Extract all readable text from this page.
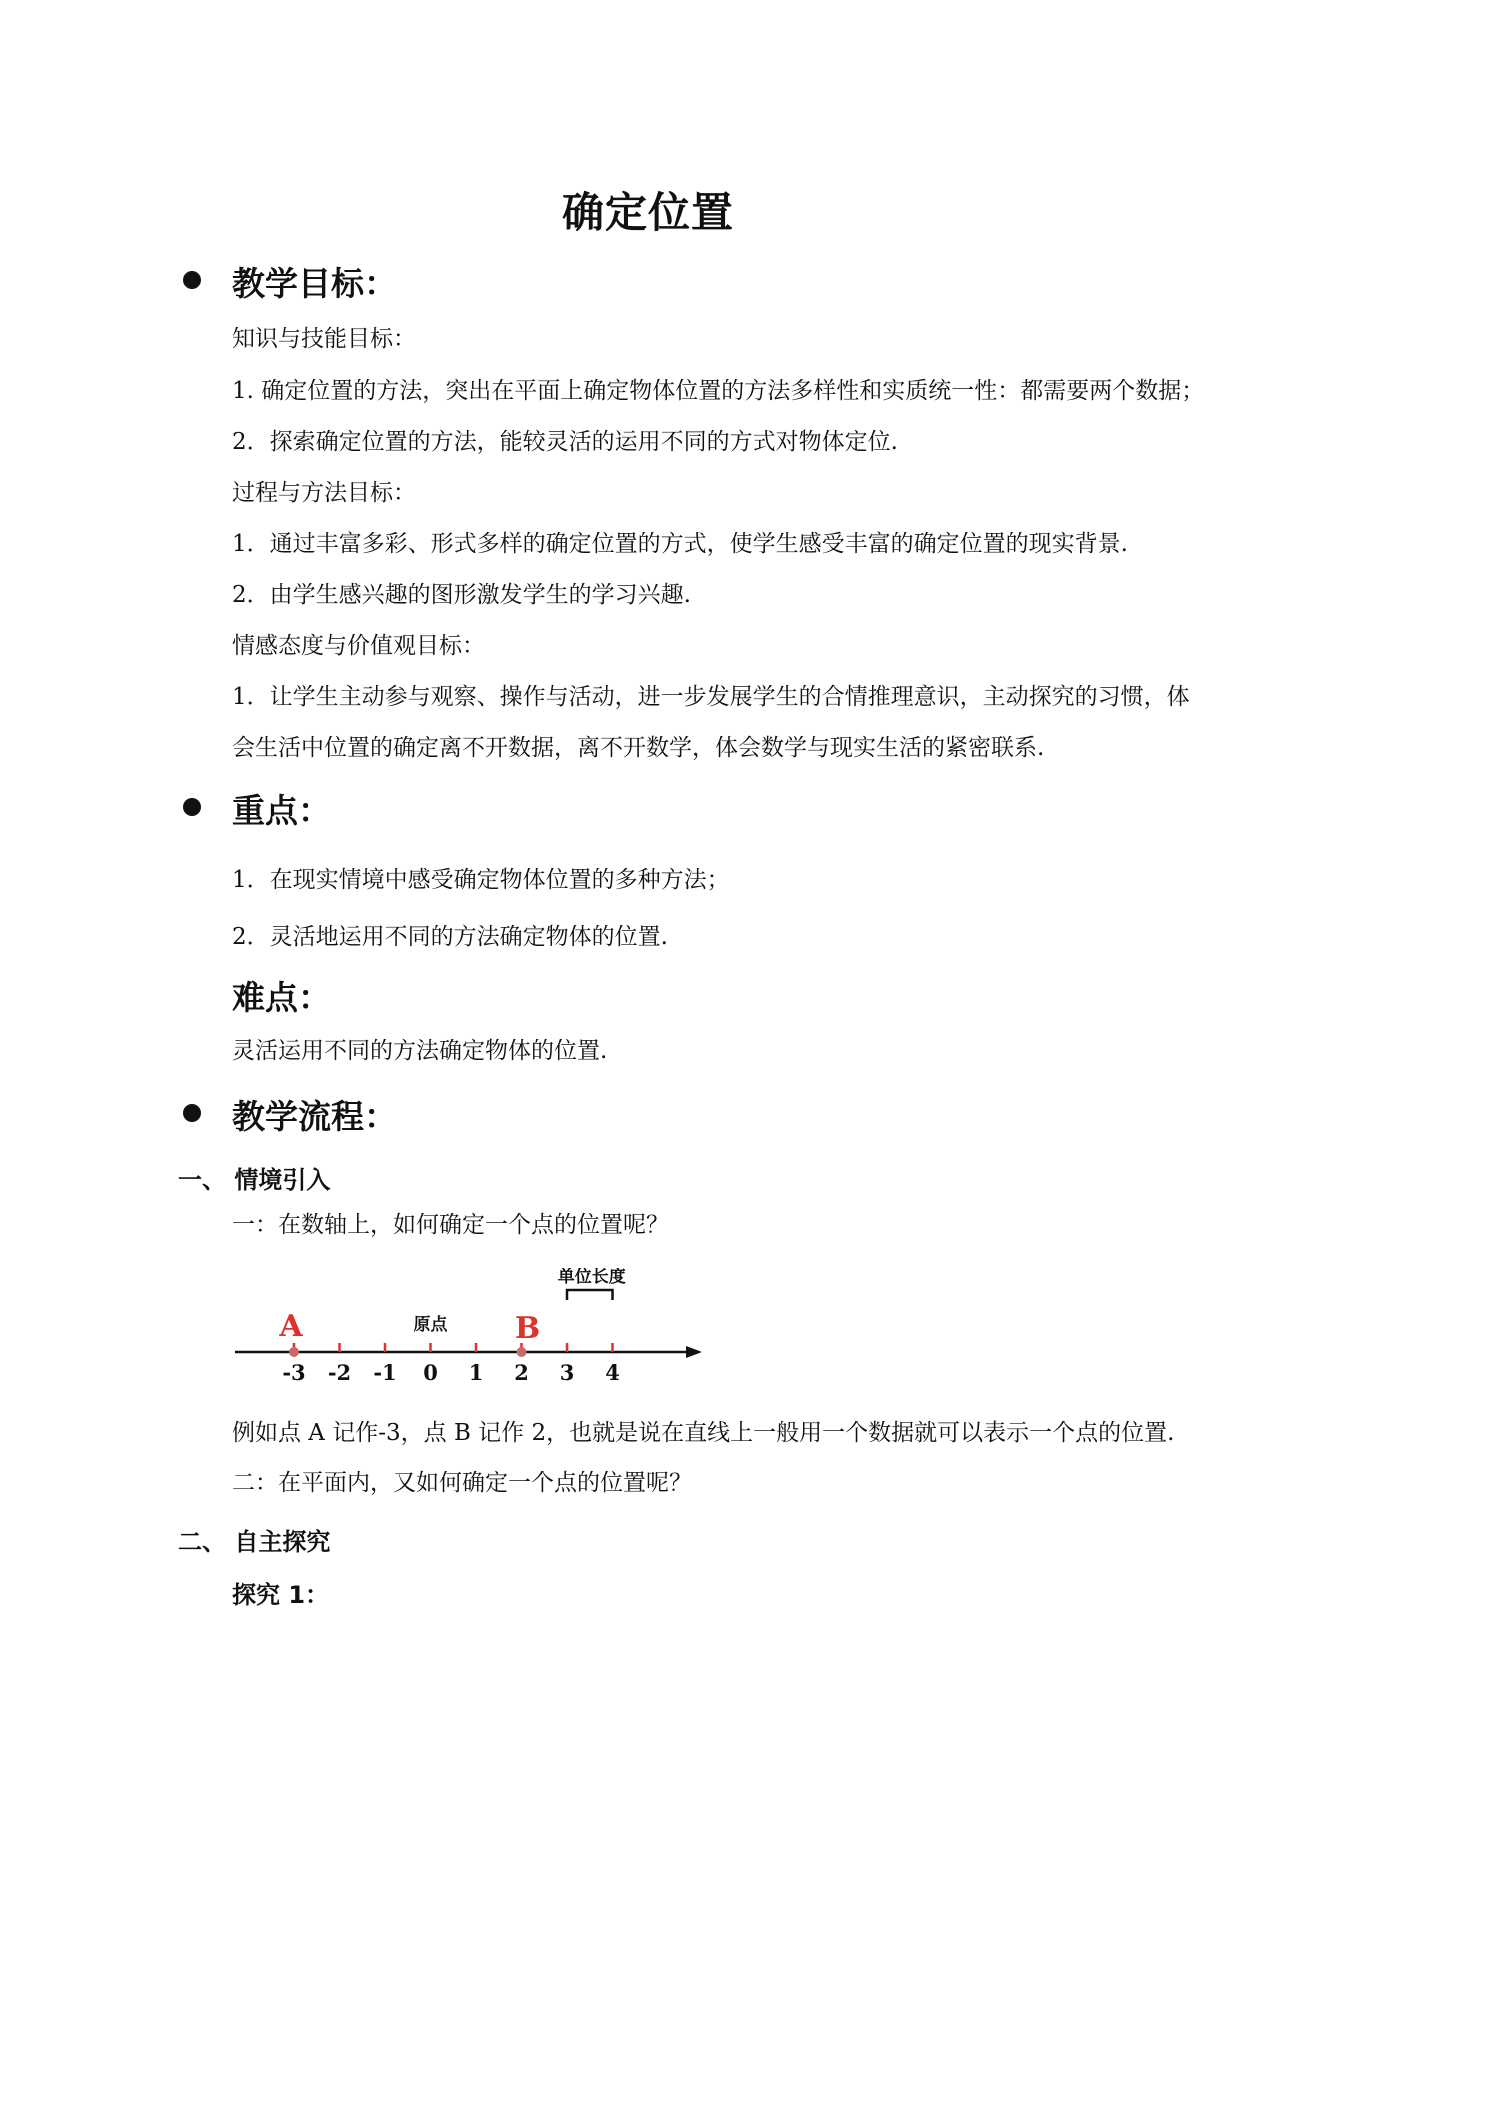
确定位置
教学目标：
知识与技能目标：
1. 确定位置的方法，突出在平面上确定物体位置的方法多样性和实质统一性：都需要两个数据；
2．探索确定位置的方法，能较灵活的运用不同的方式对物体定位.
过程与方法目标：
1．通过丰富多彩、形式多样的确定位置的方式，使学生感受丰富的确定位置的现实背景.
2．由学生感兴趣的图形激发学生的学习兴趣.
情感态度与价值观目标：
1．让学生主动参与观察、操作与活动，进一步发展学生的合情推理意识，主动探究的习惯，体
会生活中位置的确定离不开数据，离不开数学，体会数学与现实生活的紧密联系.
重点：
1．在现实情境中感受确定物体位置的多种方法；
2．灵活地运用不同的方法确定物体的位置.
难点：
灵活运用不同的方法确定物体的位置.
教学流程：
一、 情境引入
一：在数轴上，如何确定一个点的位置呢？
-3 -2 -1 0 1 2 3 4
A	B
原点
单位长度
例如点 A 记作-3，点 B 记作 2，也就是说在直线上一般用一个数据就可以表示一个点的位置.
二：在平面内，又如何确定一个点的位置呢？
二、 自主探究
探究 1：
